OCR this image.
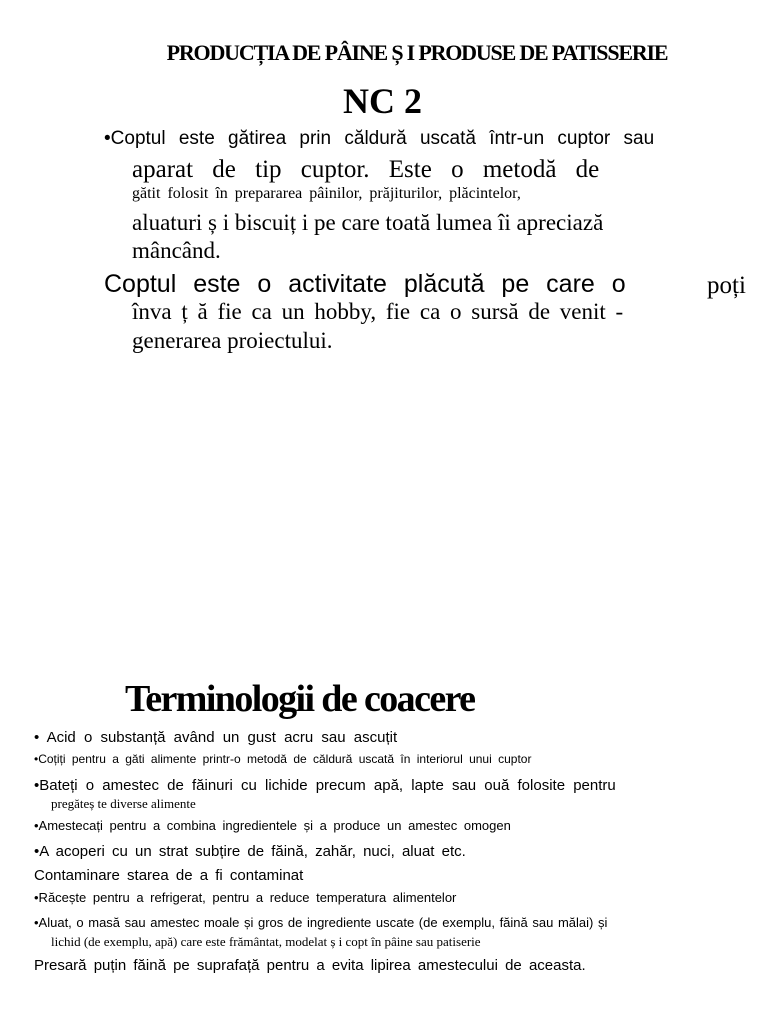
PRODUCȚIA DE PÂINE Ș I PRODUSE DE PATISSERIE
NC 2
•Coptul este gătirea prin căldură uscată într-un cuptor sau
aparat de tip cuptor. Este o metodă de
gătit folosit în prepararea pâinilor, prăjiturilor, plăcintelor,
aluaturi ș i biscuiț i pe care toată lumea îi apreciază
mâncând.
Coptul este o activitate plăcută pe care o	poți
înva ț ă fie ca un hobby, fie ca o sursă de venit -
generarea proiectului.
Terminologii de coacere
• Acid o substanță având un gust acru sau ascuțit
•Coțiți pentru a găti alimente printr-o metodă de căldură uscată în interiorul unui cuptor
•Bateți o amestec de făinuri cu lichide precum apă, lapte sau ouă folosite pentru
pregăteș te diverse alimente
•Amestecați pentru a combina ingredientele și a produce un amestec omogen
•A acoperi cu un strat subțire de făină, zahăr, nuci, aluat etc.
Contaminare starea de a fi contaminat
•Răcește pentru a refrigerat, pentru a reduce temperatura alimentelor
•Aluat, o masă sau amestec moale și gros de ingrediente uscate (de exemplu, făină sau mălai) și
lichid (de exemplu, apă) care este frământat, modelat ș i copt în pâine sau patiserie
Presară puțin făină pe suprafață pentru a evita lipirea amestecului de aceasta.
